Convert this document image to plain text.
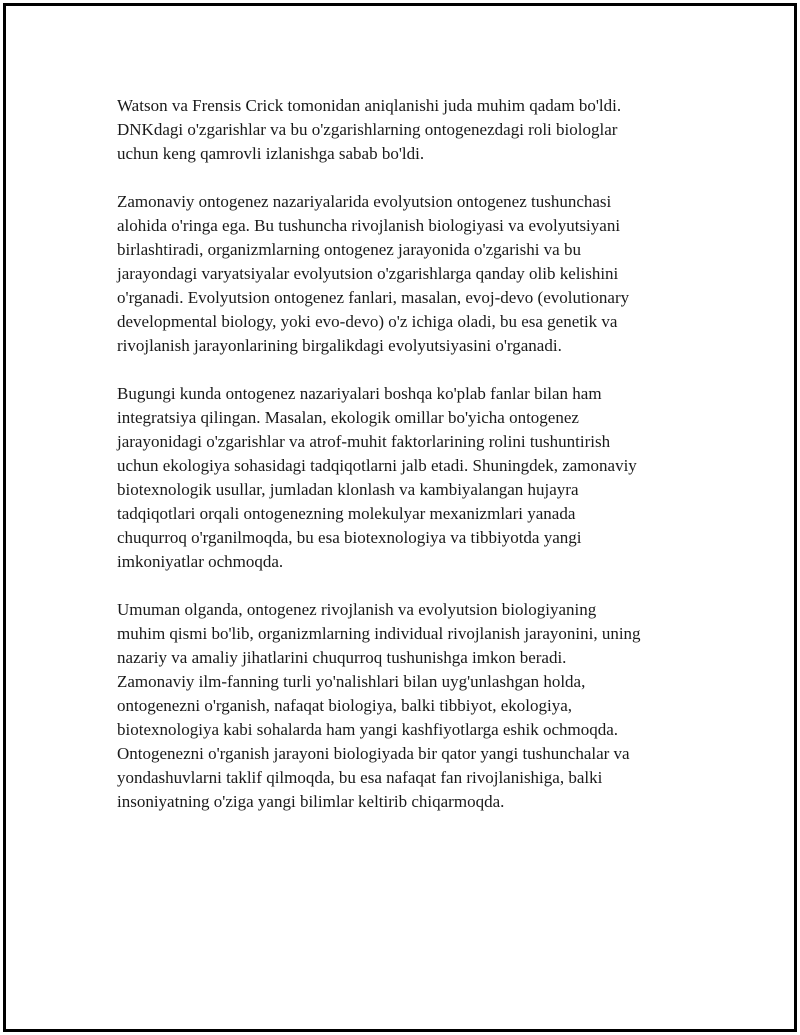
Watson va Frensis Crick tomonidan aniqlanishi juda muhim qadam bo'ldi.
DNKdagi o'zgarishlar va bu o'zgarishlarning ontogenezdagi roli biologlar
uchun keng qamrovli izlanishga sabab bo'ldi.

Zamonaviy ontogenez nazariyalarida evolyutsion ontogenez tushunchasi
alohida o'ringa ega. Bu tushuncha rivojlanish biologiyasi va evolyutsiyani
birlashtiradi, organizmlarning ontogenez jarayonida o'zgarishi va bu
jarayondagi varyatsiyalar evolyutsion o'zgarishlarga qanday olib kelishini
o'rganadi. Evolyutsion ontogenez fanlari, masalan, evoj-devo (evolutionary
developmental biology, yoki evo-devo) o'z ichiga oladi, bu esa genetik va
rivojlanish jarayonlarining birgalikdagi evolyutsiyasini o'rganadi.

Bugungi kunda ontogenez nazariyalari boshqa ko'plab fanlar bilan ham
integratsiya qilingan. Masalan, ekologik omillar bo'yicha ontogenez
jarayonidagi o'zgarishlar va atrof-muhit faktorlarining rolini tushuntirish
uchun ekologiya sohasidagi tadqiqotlarni jalb etadi. Shuningdek, zamonaviy
biotexnologik usullar, jumladan klonlash va kambiyalangan hujayra
tadqiqotlari orqali ontogenezning molekulyar mexanizmlari yanada
chuqurroq o'rganilmoqda, bu esa biotexnologiya va tibbiyotda yangi
imkoniyatlar ochmoqda.

Umuman olganda, ontogenez rivojlanish va evolyutsion biologiyaning
muhim qismi bo'lib, organizmlarning individual rivojlanish jarayonini, uning
nazariy va amaliy jihatlarini chuqurroq tushunishga imkon beradi.
Zamonaviy ilm-fanning turli yo'nalishlari bilan uyg'unlashgan holda,
ontogenezni o'rganish, nafaqat biologiya, balki tibbiyot, ekologiya,
biotexnologiya kabi sohalarda ham yangi kashfiyotlarga eshik ochmoqda.
Ontogenezni o'rganish jarayoni biologiyada bir qator yangi tushunchalar va
yondashuvlarni taklif qilmoqda, bu esa nafaqat fan rivojlanishiga, balki
insoniyatning o'ziga yangi bilimlar keltirib chiqarmoqda.
